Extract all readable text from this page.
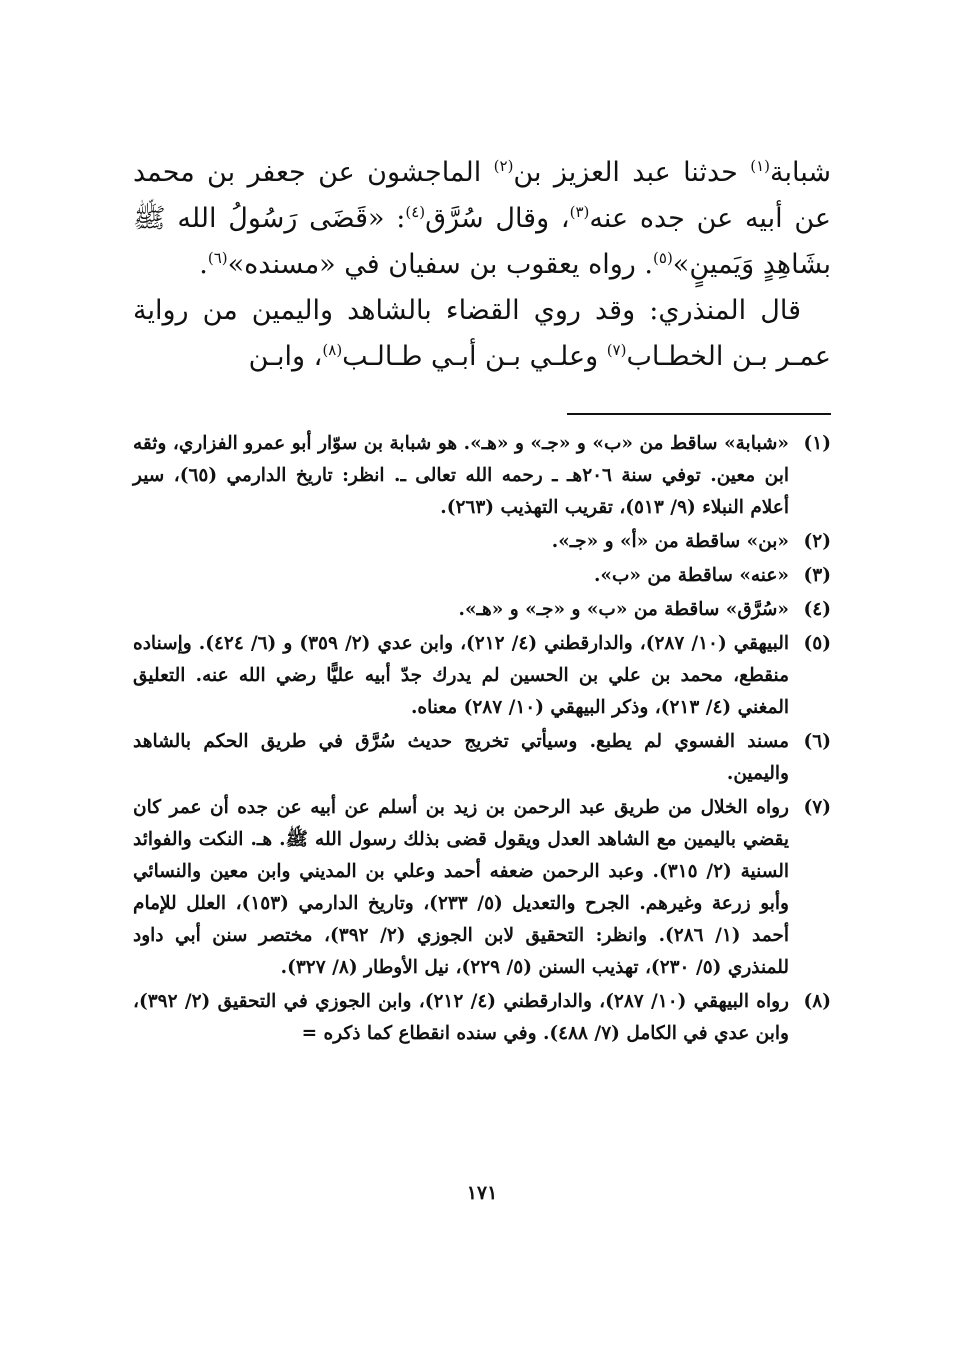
شبابة$^{(١)}$ حدثنا عبد العزيز بن$^{(٢)}$ الماجشون عن جعفر بن محمد عن أبيه عن جده عنه$^{(٣)}$، وقال سُرَّق$^{(٤)}$: «قَضَى رَسُولُ الله ﷺ بشَاهِدٍ وَيَمينٍ»$^{(٥)}$. رواه يعقوب بن سفيان في «مسنده»$^{(٦)}$.

قال المنذري: وقد روي القضاء بالشاهد واليمين من رواية عمـر بـن الخطـاب$^{(٧)}$ وعلـي بـن أبـي طـالـب$^{(٨)}$، وابـن

(١)
«شبابة» ساقط من «ب» و «جـ» و «هـ». هو شبابة بن سوّار أبو عمرو الفزاري، وثقه ابن معين. توفي سنة ٢٠٦هـ ـ رحمه الله تعالى ـ. انظر: تاريخ الدارمي (٦٥)، سير أعلام النبلاء (٩/ ٥١٣)، تقريب التهذيب (٢٦٣).
(٢)
«بن» ساقطة من «أ» و «جـ».
(٣)
«عنه» ساقطة من «ب».
(٤)
«سُرَّق» ساقطة من «ب» و «جـ» و «هـ».
(٥)
البيهقي (١٠/ ٢٨٧)، والدارقطني (٤/ ٢١٢)، وابن عدي (٢/ ٣٥٩) و (٦/ ٤٢٤). وإسناده منقطع، محمد بن علي بن الحسين لم يدرك جدّ أبيه عليًّا رضي الله عنه. التعليق المغني (٤/ ٢١٣)، وذكر البيهقي (١٠/ ٢٨٧) معناه.
(٦)
مسند الفسوي لم يطبع. وسيأتي تخريج حديث سُرَّق في طريق الحكم بالشاهد واليمين.
(٧)
رواه الخلال من طريق عبد الرحمن بن زيد بن أسلم عن أبيه عن جده أن عمر كان يقضي باليمين مع الشاهد العدل ويقول قضى بذلك رسول الله ﷺ. هـ. النكت والفوائد السنية (٢/ ٣١٥). وعبد الرحمن ضعفه أحمد وعلي بن المديني وابن معين والنسائي وأبو زرعة وغيرهم. الجرح والتعديل (٥/ ٢٣٣)، وتاريخ الدارمي (١٥٣)، العلل للإمام أحمد (١/ ٢٨٦). وانظر: التحقيق لابن الجوزي (٢/ ٣٩٢)، مختصر سنن أبي داود للمنذري (٥/ ٢٣٠)، تهذيب السنن (٥/ ٢٢٩)، نيل الأوطار (٨/ ٣٢٧).
(٨)
رواه البيهقي (١٠/ ٢٨٧)، والدارقطني (٤/ ٢١٢)، وابن الجوزي في التحقيق (٢/ ٣٩٢)، وابن عدي في الكامل (٧/ ٤٨٨). وفي سنده انقطاع كما ذكره =
١٧١
